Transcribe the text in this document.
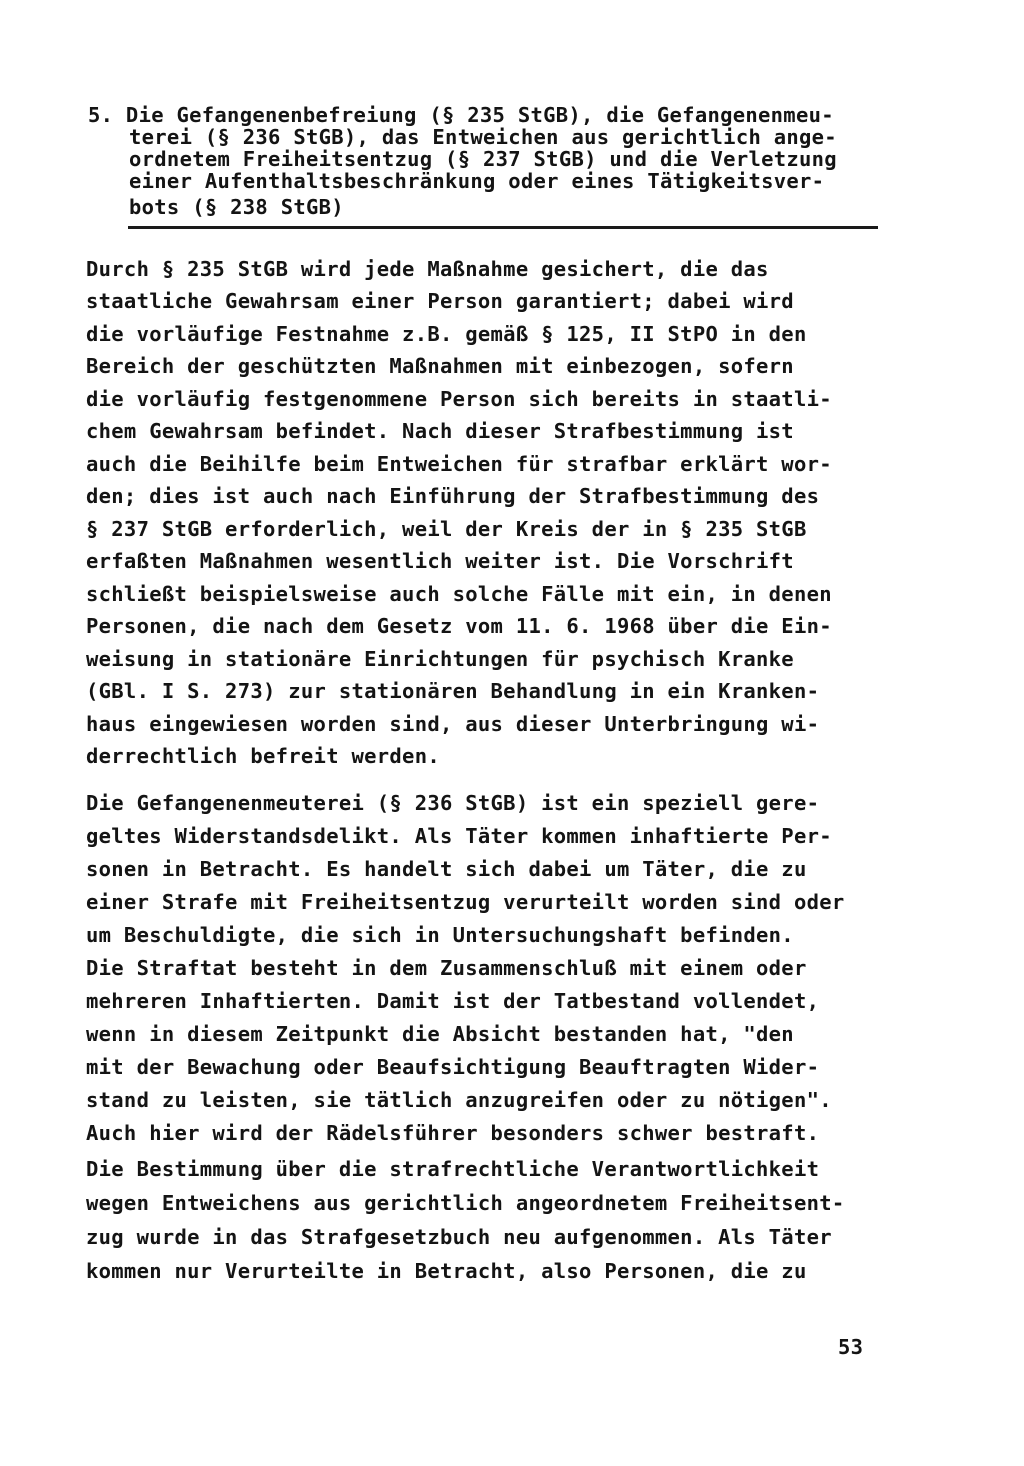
5. Die Gefangenenbefreiung (§ 235 StGB), die Gefangenenmeu-
terei (§ 236 StGB), das Entweichen aus gerichtlich ange-
ordnetem Freiheitsentzug (§ 237 StGB) und die Verletzung
einer Aufenthaltsbeschränkung oder eines Tätigkeitsver-
bots (§ 238 StGB)
Durch § 235 StGB wird jede Maßnahme gesichert, die das
staatliche Gewahrsam einer Person garantiert; dabei wird
die vorläufige Festnahme z.B. gemäß § 125, II StPO in den
Bereich der geschützten Maßnahmen mit einbezogen, sofern
die vorläufig festgenommene Person sich bereits in staatli-
chem Gewahrsam befindet. Nach dieser Strafbestimmung ist
auch die Beihilfe beim Entweichen für strafbar erklärt wor-
den; dies ist auch nach Einführung der Strafbestimmung des
§ 237 StGB erforderlich, weil der Kreis der in § 235 StGB
erfaßten Maßnahmen wesentlich weiter ist. Die Vorschrift
schließt beispielsweise auch solche Fälle mit ein, in denen
Personen, die nach dem Gesetz vom 11. 6. 1968 über die Ein-
weisung in stationäre Einrichtungen für psychisch Kranke
(GBl. I S. 273) zur stationären Behandlung in ein Kranken-
haus eingewiesen worden sind, aus dieser Unterbringung wi-
derrechtlich befreit werden.
Die Gefangenenmeuterei (§ 236 StGB) ist ein speziell gere-
geltes Widerstandsdelikt. Als Täter kommen inhaftierte Per-
sonen in Betracht. Es handelt sich dabei um Täter, die zu
einer Strafe mit Freiheitsentzug verurteilt worden sind oder
um Beschuldigte, die sich in Untersuchungshaft befinden.
Die Straftat besteht in dem Zusammenschluß mit einem oder
mehreren Inhaftierten. Damit ist der Tatbestand vollendet,
wenn in diesem Zeitpunkt die Absicht bestanden hat, "den
mit der Bewachung oder Beaufsichtigung Beauftragten Wider-
stand zu leisten, sie tätlich anzugreifen oder zu nötigen".
Auch hier wird der Rädelsführer besonders schwer bestraft.
Die Bestimmung über die strafrechtliche Verantwortlichkeit
wegen Entweichens aus gerichtlich angeordnetem Freiheitsent-
zug wurde in das Strafgesetzbuch neu aufgenommen. Als Täter
kommen nur Verurteilte in Betracht, also Personen, die zu
53
